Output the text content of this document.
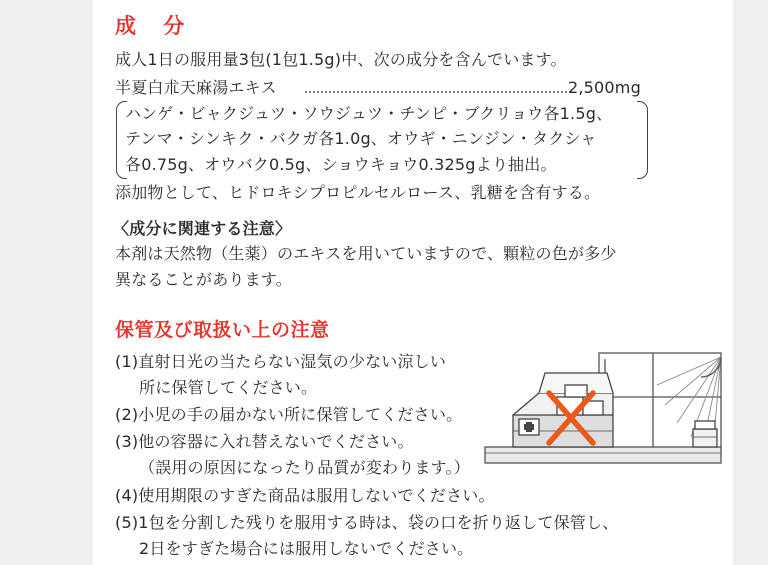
成 分
成人1日の服用量3包(1包1.5g)中、次の成分を含んでいます。
半夏白朮天麻湯エキス	2,500mg
ハンゲ・ビャクジュツ・ソウジュツ・チンピ・ブクリョウ各1.5g、
テンマ・シンキク・バクガ各1.0g、オウギ・ニンジン・タクシャ
各0.75g、オウバク0.5g、ショウキョウ0.325gより抽出。
添加物として、ヒドロキシプロピルセルロース、乳糖を含有する。
〈成分に関連する注意〉
本剤は天然物（生薬）のエキスを用いていますので、顆粒の色が多少
異なることがあります。
保管及び取扱い上の注意
(1)直射日光の当たらない湿気の少ない涼しい
所に保管してください。
(2)小児の手の届かない所に保管してください。
(3)他の容器に入れ替えないでください。
（誤用の原因になったり品質が変わります。）
(4)使用期限のすぎた商品は服用しないでください。
(5)1包を分割した残りを服用する時は、袋の口を折り返して保管し、
2日をすぎた場合には服用しないでください。
